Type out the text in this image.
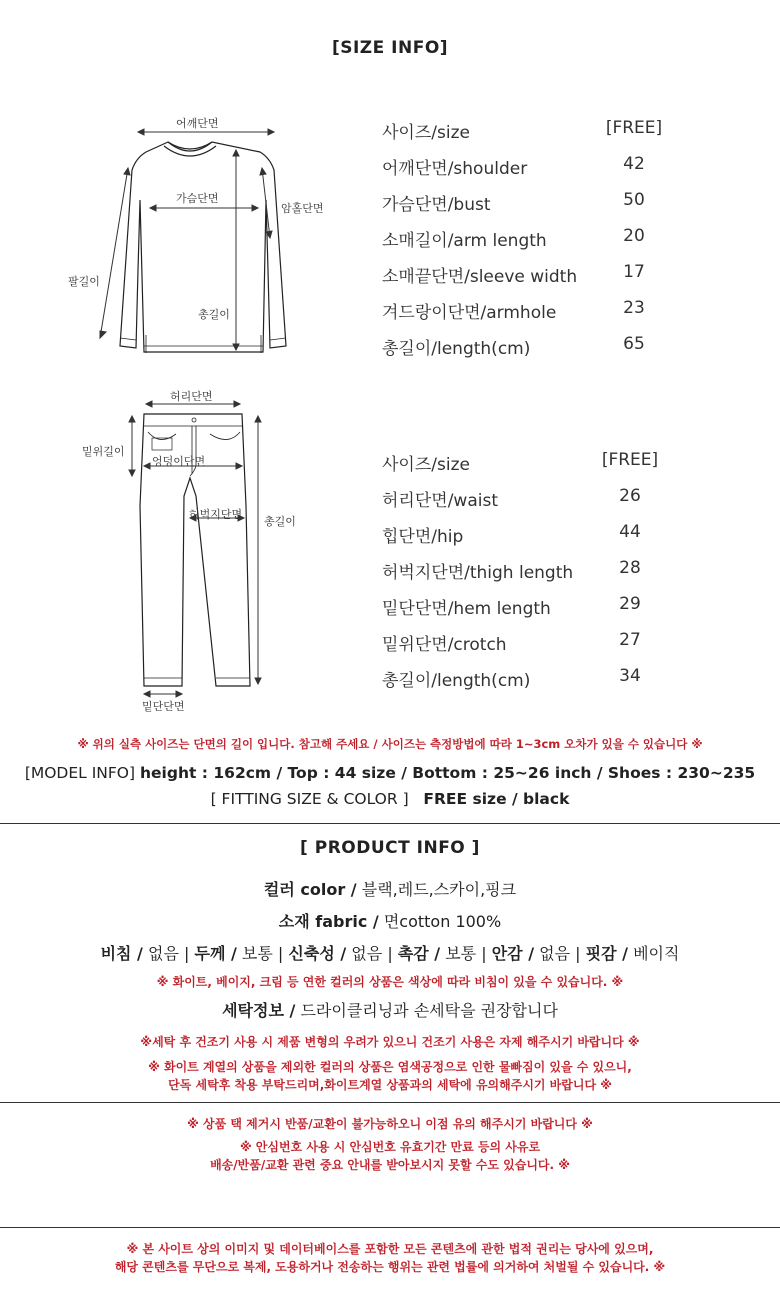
[SIZE INFO]
어깨단면
가슴단면
암홀단면
팔길이
총길이
사이즈/size	[FREE]
어깨단면/shoulder	42
가슴단면/bust	50
소매길이/arm length	20
소매끝단면/sleeve width	17
겨드랑이단면/armhole	23
총길이/length(cm)	65
허리단면
밑위길이
엉덩이단면
허벅지단면
총길이
밑단단면
사이즈/size	[FREE]
허리단면/waist	26
힙단면/hip	44
허벅지단면/thigh length	28
밑단단면/hem length	29
밑위단면/crotch	27
총길이/length(cm)	34
※ 위의 실측 사이즈는 단면의 길이 입니다. 참고해 주세요 / 사이즈는 측정방법에 따라 1~3cm 오차가 있을 수 있습니다 ※
[MODEL INFO] height : 162cm / Top : 44 size / Bottom : 25~26 inch / Shoes : 230~235
[ FITTING SIZE & COLOR ] FREE size / black
[ PRODUCT INFO ]
컬러 color / 블랙,레드,스카이,핑크
소재 fabric / 면cotton 100%
비침 / 없음 | 두께 / 보통 | 신축성 / 없음 | 촉감 / 보통 | 안감 / 없음 | 핏감 / 베이직
※ 화이트, 베이지, 크림 등 연한 컬러의 상품은 색상에 따라 비침이 있을 수 있습니다. ※
세탁정보 / 드라이클리닝과 손세탁을 권장합니다
※세탁 후 건조기 사용 시 제품 변형의 우려가 있으니 건조기 사용은 자제 해주시기 바랍니다 ※
※ 화이트 계열의 상품을 제외한 컬러의 상품은 염색공정으로 인한 물빠짐이 있을 수 있으니,
단독 세탁후 착용 부탁드리며,화이트계열 상품과의 세탁에 유의해주시기 바랍니다 ※
※ 상품 택 제거시 반품/교환이 불가능하오니 이점 유의 해주시기 바랍니다 ※
※ 안심번호 사용 시 안심번호 유효기간 만료 등의 사유로
배송/반품/교환 관련 중요 안내를 받아보시지 못할 수도 있습니다. ※
※ 본 사이트 상의 이미지 및 데이터베이스를 포함한 모든 콘텐츠에 관한 법적 권리는 당사에 있으며,
해당 콘텐츠를 무단으로 복제, 도용하거나 전송하는 행위는 관련 법률에 의거하여 처벌될 수 있습니다. ※
